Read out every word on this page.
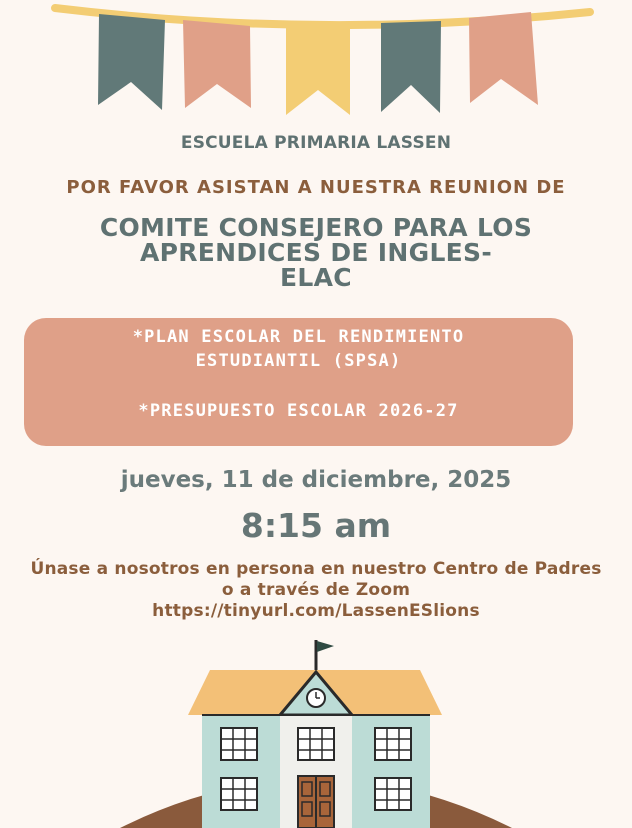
ESCUELA PRIMARIA LASSEN
POR FAVOR ASISTAN A NUESTRA REUNION DE
COMITE CONSEJERO PARA LOS
APRENDICES DE INGLES-
ELAC
*PLAN ESCOLAR DEL RENDIMIENTO
ESTUDIANTIL (SPSA)
*PRESUPUESTO ESCOLAR 2026-27
jueves, 11 de diciembre, 2025
8:15 am
Únase a nosotros en persona en nuestro Centro de Padres
o a través de Zoom
https://tinyurl.com/LassenESlions
